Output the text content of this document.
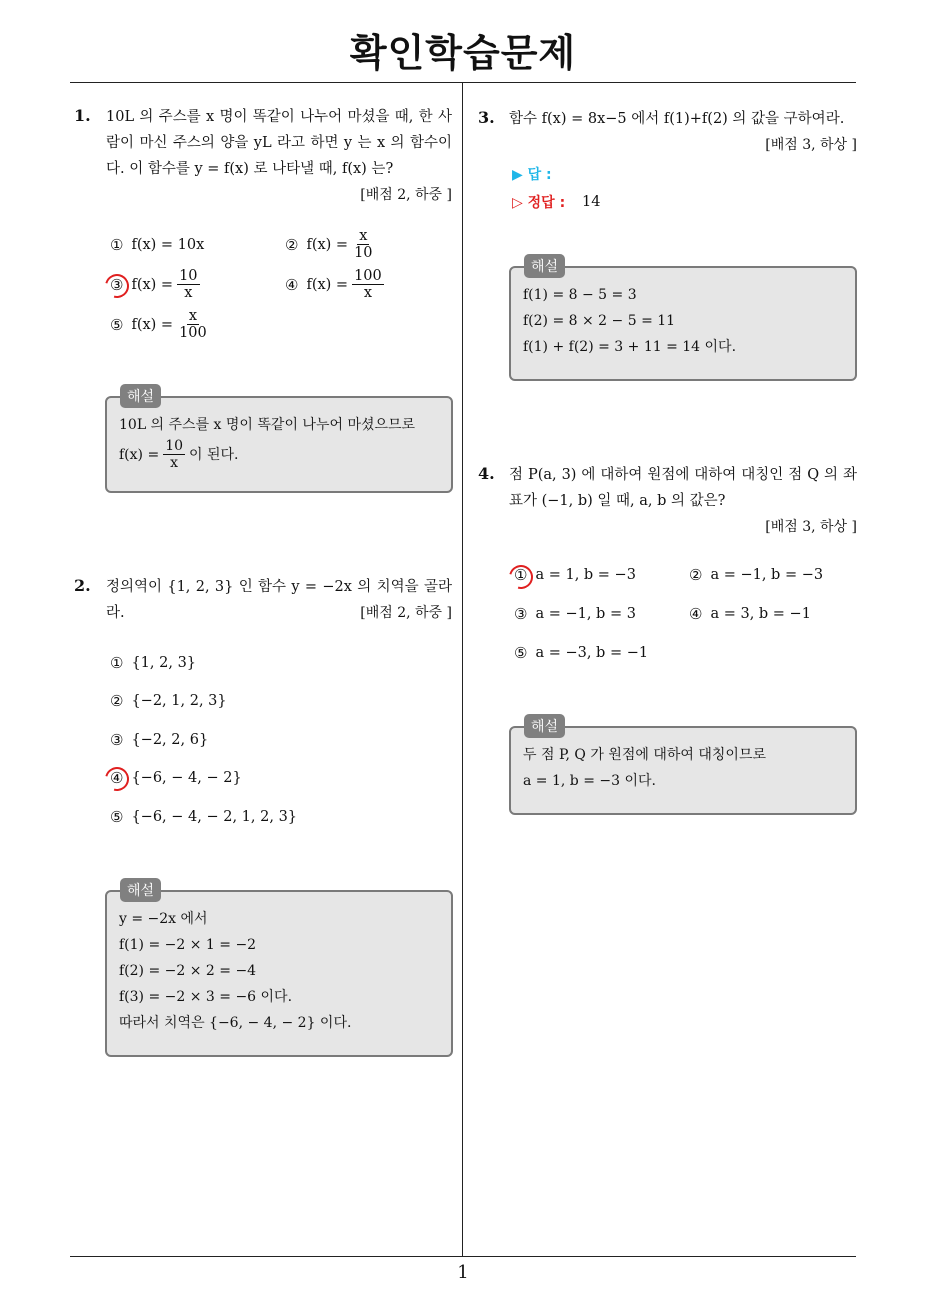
확인학습문제
1
1. 10L 의 주스를 x 명이 똑같이 나누어 마셨을 때, 한 사람이 마신 주스의 양을 yL 라고 하면 y 는 x 의 함수이다. 이 함수를 y = f(x) 로 나타낼 때, f(x) 는?
[배점 2, 하중 ]
① f(x) = 10x	② $f(x) = \frac{x}{10}$
③ $f(x) = \frac{10}{x}$	④ $f(x) = \frac{100}{x}$
⑤ $f(x) = \frac{x}{100}$
10L 의 주스를 x 명이 똑같이 나누어 마셨으므로
$f(x) = \frac{10}{x}$ 이 된다.
해설
2. 정의역이 {1, 2, 3} 인 함수 y = −2x 의 치역을 골라라.	[배점 2, 하중 ]
① {1, 2, 3}
② {−2, 1, 2, 3}
③ {−2, 2, 6}
④ {−6, − 4, − 2}
⑤ {−6, − 4, − 2, 1, 2, 3}
y = −2x 에서
f(1) = −2 × 1 = −2
f(2) = −2 × 2 = −4
f(3) = −2 × 3 = −6 이다.
따라서 치역은 {−6, − 4, − 2} 이다.
해설
3. 함수 f(x) = 8x−5 에서 f(1)+f(2) 의 값을 구하여라.
[배점 3, 하상 ]
▶ 답 :
▷ 정답 : 14
f(1) = 8 − 5 = 3
f(2) = 8 × 2 − 5 = 11
f(1) + f(2) = 3 + 11 = 14 이다.
해설
4. 점 P(a, 3) 에 대하여 원점에 대하여 대칭인 점 Q 의 좌표가 (−1, b) 일 때, a, b 의 값은?
[배점 3, 하상 ]
① a = 1, b = −3	② a = −1, b = −3
③ a = −1, b = 3	④ a = 3, b = −1
⑤ a = −3, b = −1
두 점 P, Q 가 원점에 대하여 대칭이므로
a = 1, b = −3 이다.
해설
